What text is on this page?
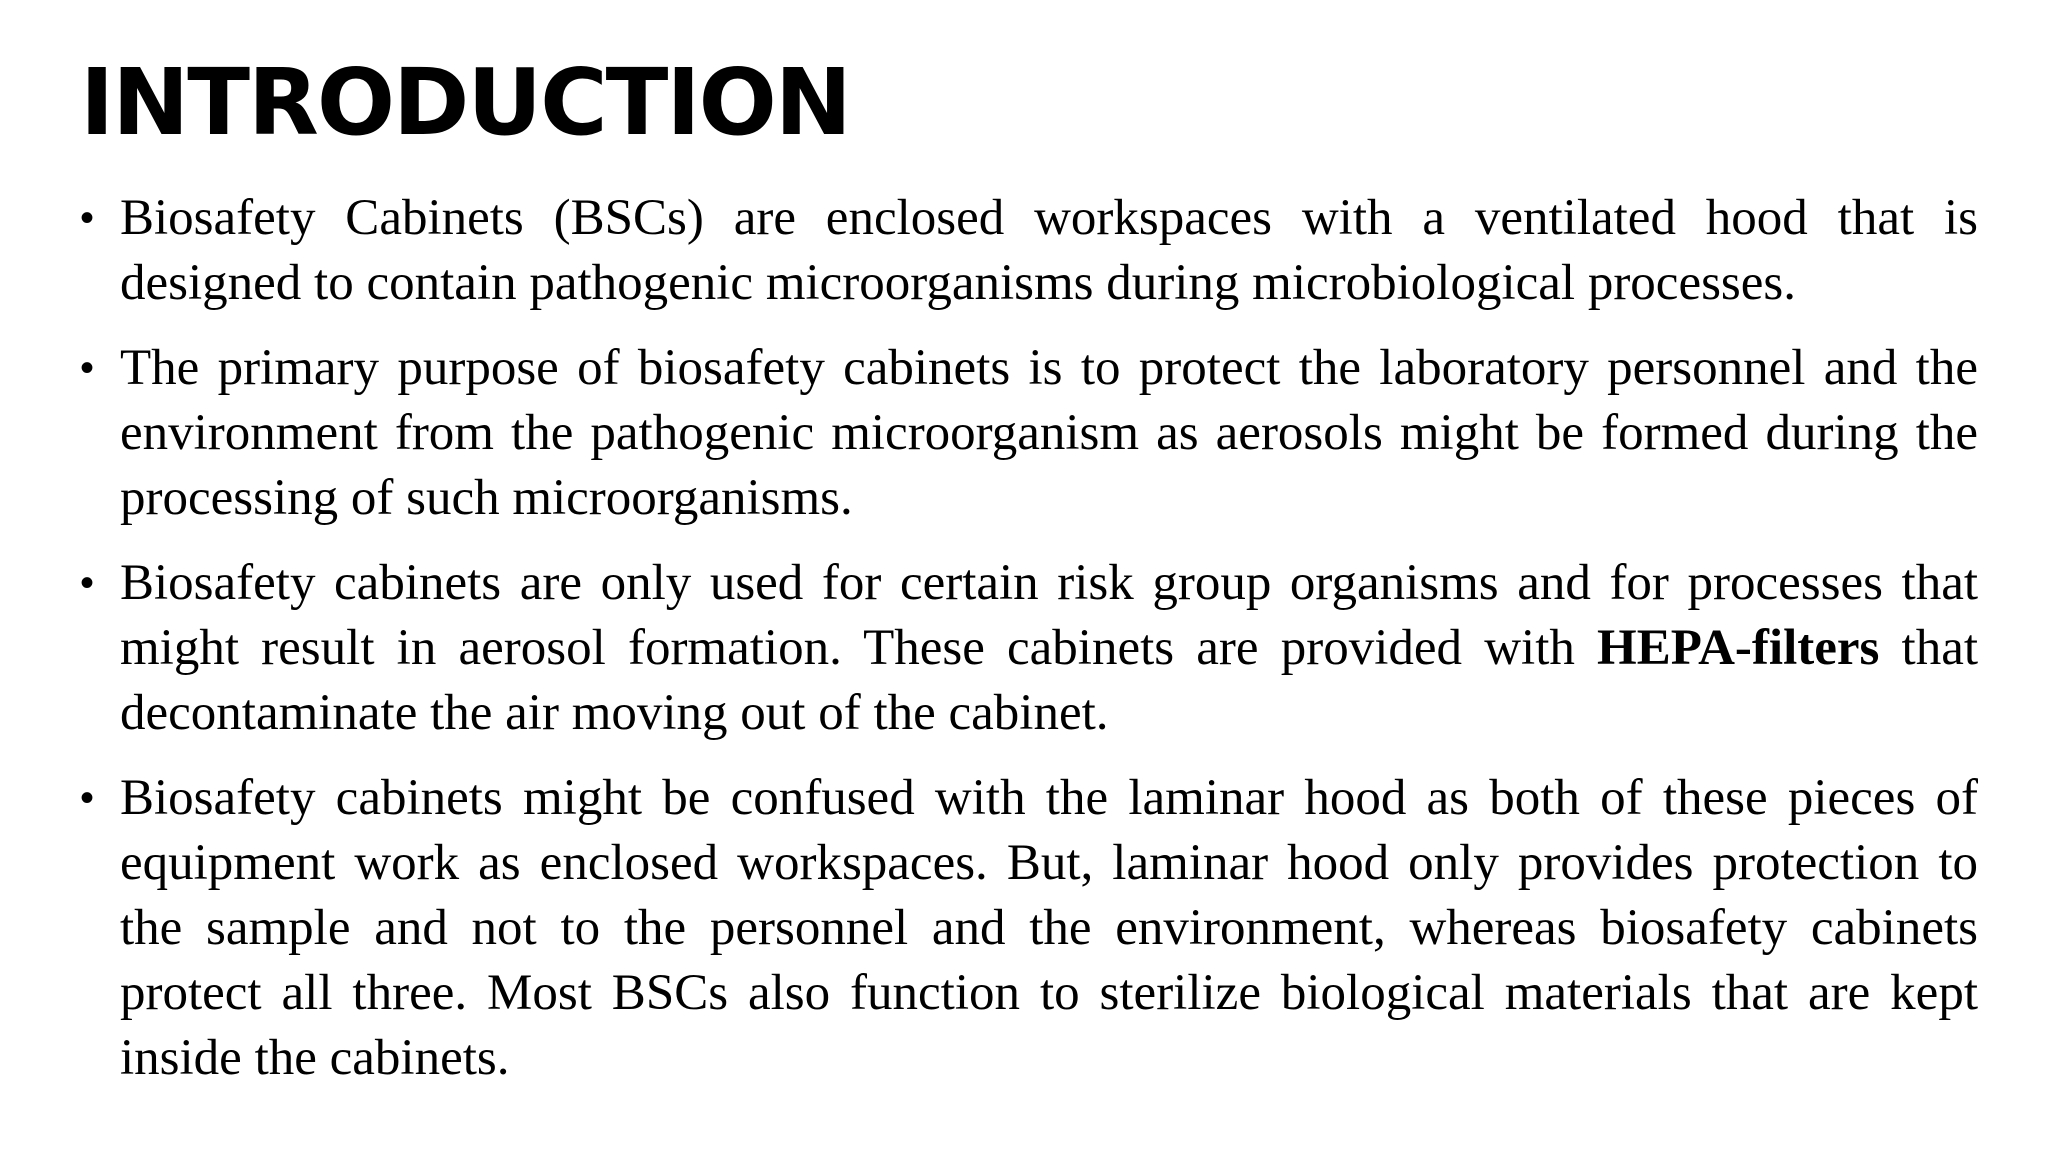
INTRODUCTION
• Biosafety Cabinets (BSCs) are enclosed workspaces with a ventilated hood that is designed to contain pathogenic microorganisms during microbiological processes.
• The primary purpose of biosafety cabinets is to protect the laboratory personnel and the environment from the pathogenic microorganism as aerosols might be formed during the processing of such microorganisms.
• Biosafety cabinets are only used for certain risk group organisms and for processes that might result in aerosol formation. These cabinets are provided with HEPA-filters that decontaminate the air moving out of the cabinet.
• Biosafety cabinets might be confused with the laminar hood as both of these pieces of equipment work as enclosed workspaces. But, laminar hood only provides protection to the sample and not to the personnel and the environment, whereas biosafety cabinets protect all three. Most BSCs also function to sterilize biological materials that are kept inside the cabinets.
